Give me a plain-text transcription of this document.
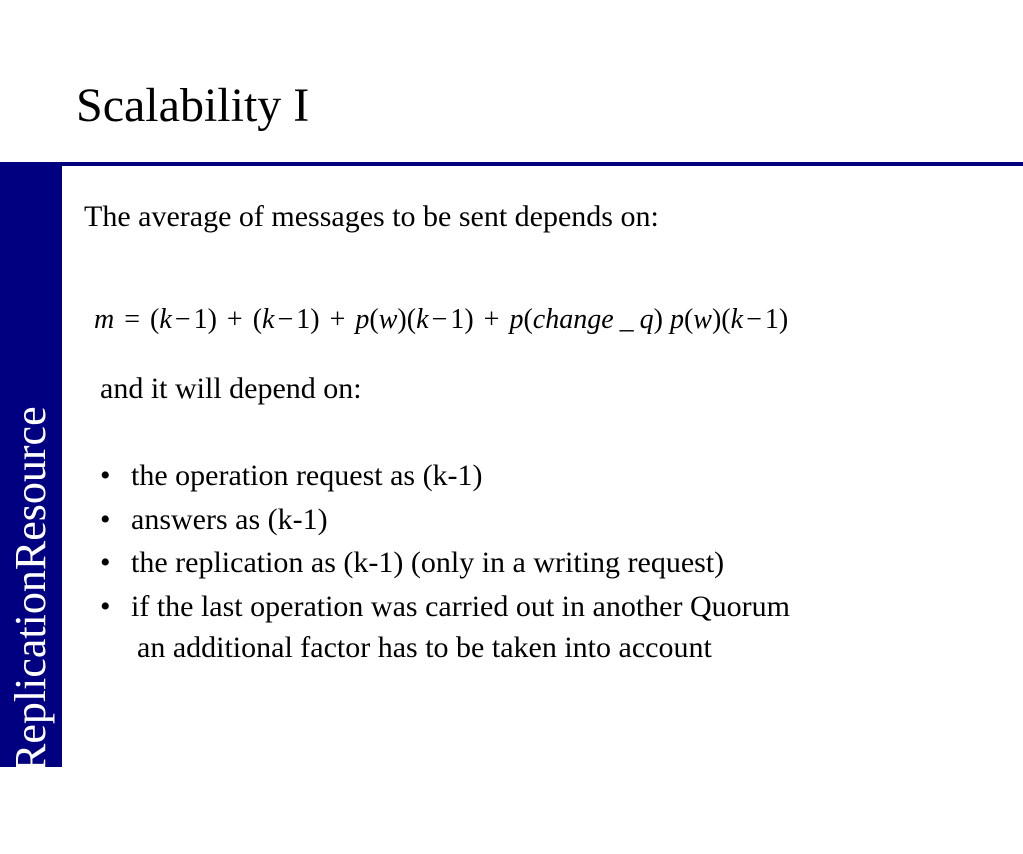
WS-ReplicationResource
Scalability I
The average of messages to be sent depends on:
m = (k − 1) + (k − 1) + p(w)(k − 1) + p(change _ q) p(w)(k − 1)
and it will depend on:
• the operation request as (k-1)
• answers as (k-1)
• the replication as (k-1) (only in a writing request)
• if the last operation was carried out in another Quorum
an additional factor has to be taken into account
